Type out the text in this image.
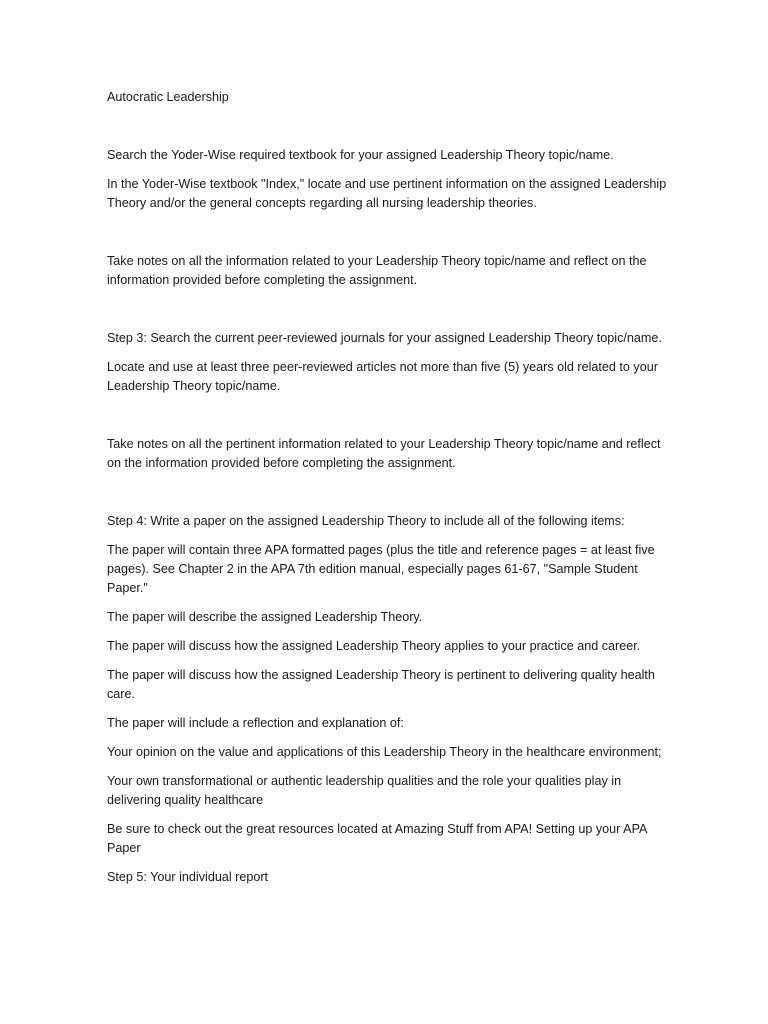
Autocratic Leadership

Search the Yoder-Wise required textbook for your assigned Leadership Theory topic/name.

In the Yoder-Wise textbook "Index," locate and use pertinent information on the assigned Leadership Theory and/or the general concepts regarding all nursing leadership theories.

Take notes on all the information related to your Leadership Theory topic/name and reflect on the information provided before completing the assignment.

Step 3: Search the current peer-reviewed journals for your assigned Leadership Theory topic/name.

Locate and use at least three peer-reviewed articles not more than five (5) years old related to your Leadership Theory topic/name.

Take notes on all the pertinent information related to your Leadership Theory topic/name and reflect on the information provided before completing the assignment.

Step 4: Write a paper on the assigned Leadership Theory to include all of the following items:

The paper will contain three APA formatted pages (plus the title and reference pages = at least five pages). See Chapter 2 in the APA 7th edition manual, especially pages 61-67, "Sample Student Paper."

The paper will describe the assigned Leadership Theory.

The paper will discuss how the assigned Leadership Theory applies to your practice and career.

The paper will discuss how the assigned Leadership Theory is pertinent to delivering quality health care.

The paper will include a reflection and explanation of:

Your opinion on the value and applications of this Leadership Theory in the healthcare environment;

Your own transformational or authentic leadership qualities and the role your qualities play in delivering quality healthcare

Be sure to check out the great resources located at Amazing Stuff from APA! Setting up your APA Paper

Step 5: Your individual report
